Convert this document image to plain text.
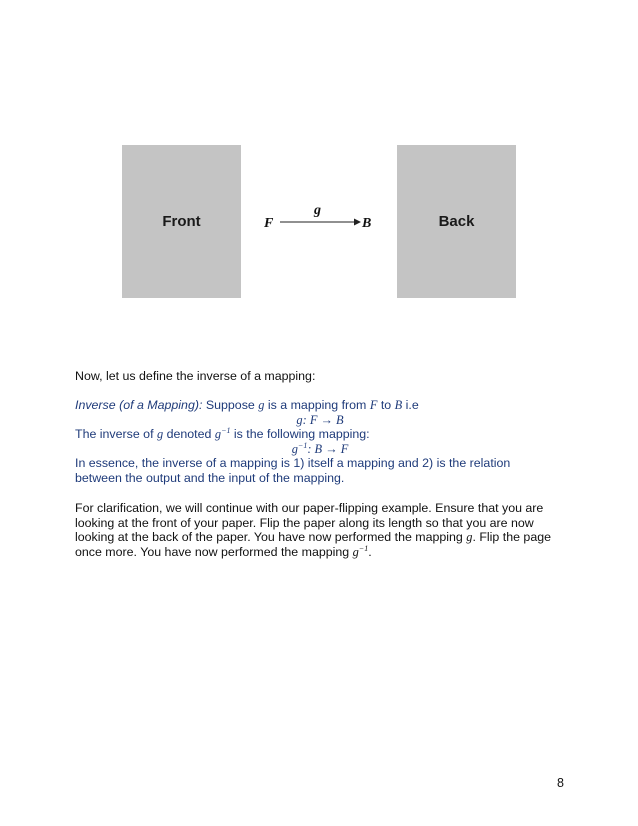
Front	F	B
g
Back

Now, let us define the inverse of a mapping:

Inverse (of a Mapping): Suppose g is a mapping from F to B i.e

g: F → B

The inverse of g denoted $g^{-1}$ is the following mapping:

$g^{-1}$: B → F

In essence, the inverse of a mapping is 1) itself a mapping and 2) is the relation

between the output and the input of the mapping.

For clarification, we will continue with our paper-flipping example. Ensure that you are

looking at the front of your paper. Flip the paper along its length so that you are now

looking at the back of the paper. You have now performed the mapping g. Flip the page

once more. You have now performed the mapping $g^{-1}$.

8
